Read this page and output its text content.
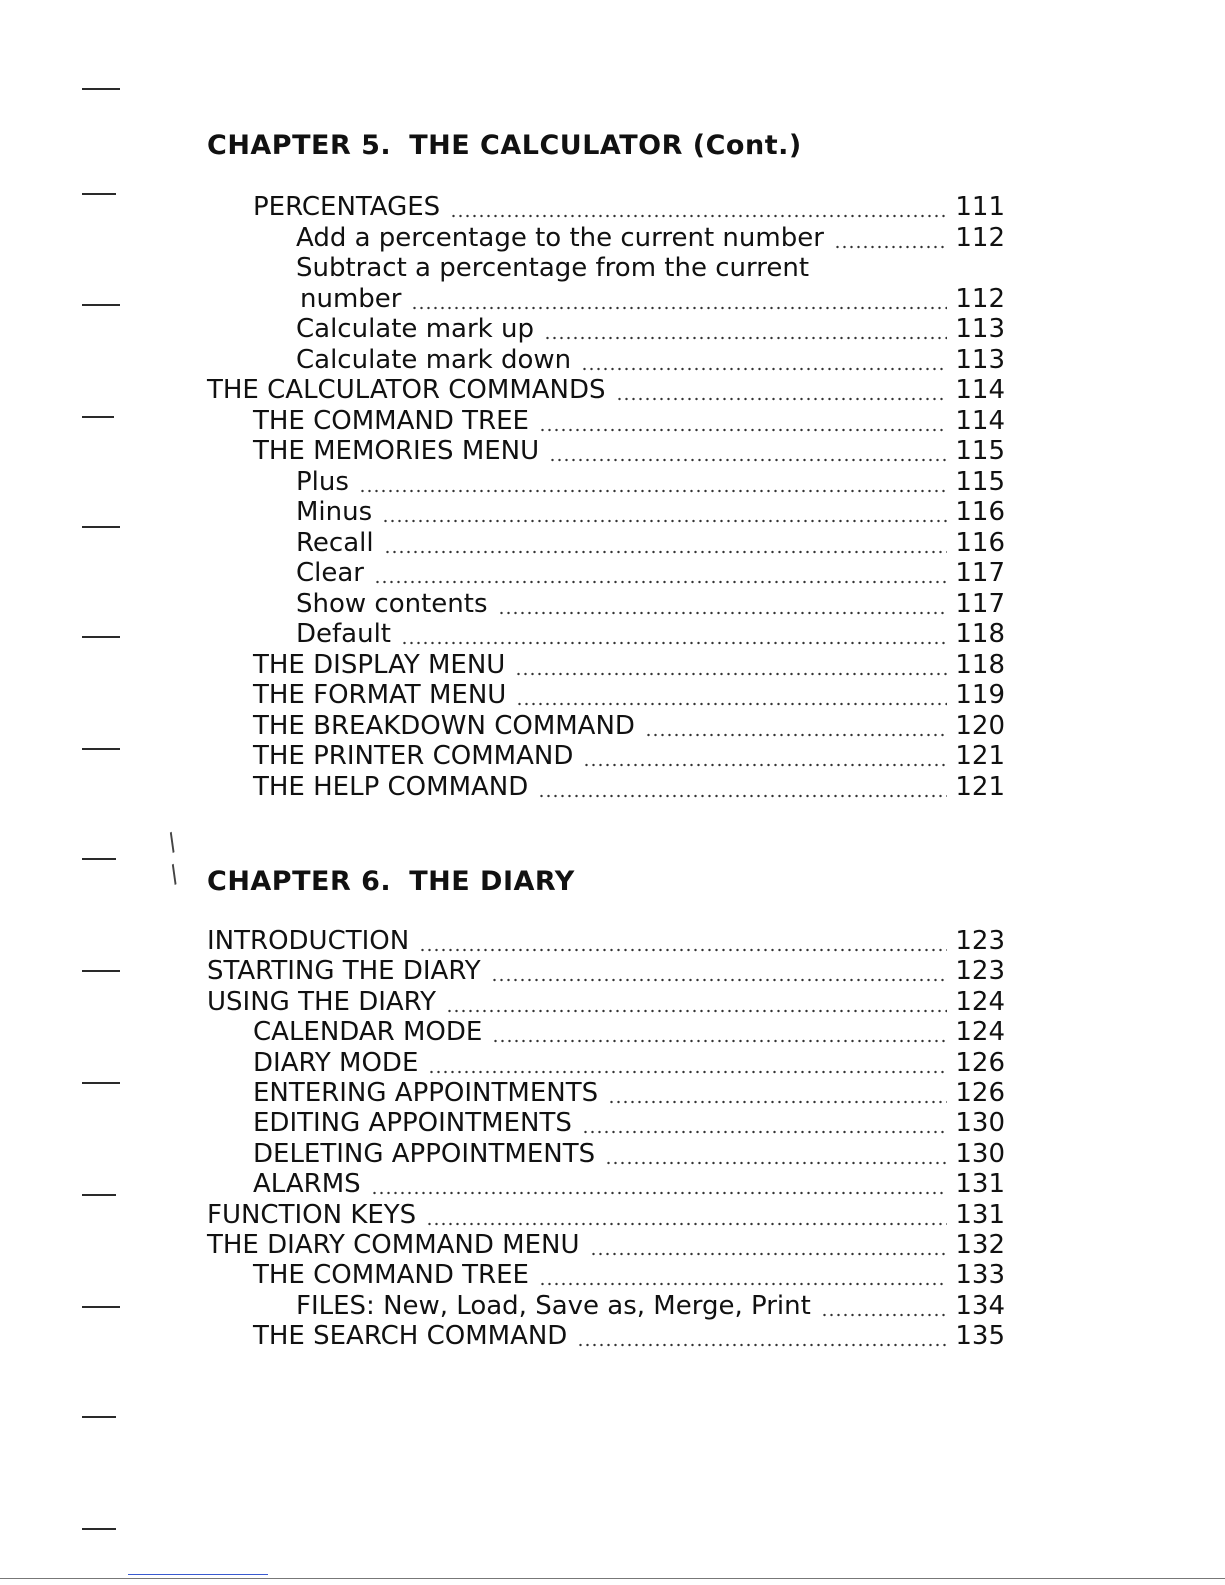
/
/
CHAPTER 5. THE CALCULATOR (Cont.)
PERCENTAGES	111
Add a percentage to the current number	112
Subtract a percentage from the current
number	112
Calculate mark up	113
Calculate mark down	113
THE CALCULATOR COMMANDS	114
THE COMMAND TREE	114
THE MEMORIES MENU	115
Plus	115
Minus	116
Recall	116
Clear	117
Show contents	117
Default	118
THE DISPLAY MENU	118
THE FORMAT MENU	119
THE BREAKDOWN COMMAND	120
THE PRINTER COMMAND	121
THE HELP COMMAND	121
CHAPTER 6. THE DIARY
INTRODUCTION	123
STARTING THE DIARY	123
USING THE DIARY	124
CALENDAR MODE	124
DIARY MODE	126
ENTERING APPOINTMENTS	126
EDITING APPOINTMENTS	130
DELETING APPOINTMENTS	130
ALARMS	131
FUNCTION KEYS	131
THE DIARY COMMAND MENU	132
THE COMMAND TREE	133
FILES: New, Load, Save as, Merge, Print	134
THE SEARCH COMMAND	135
